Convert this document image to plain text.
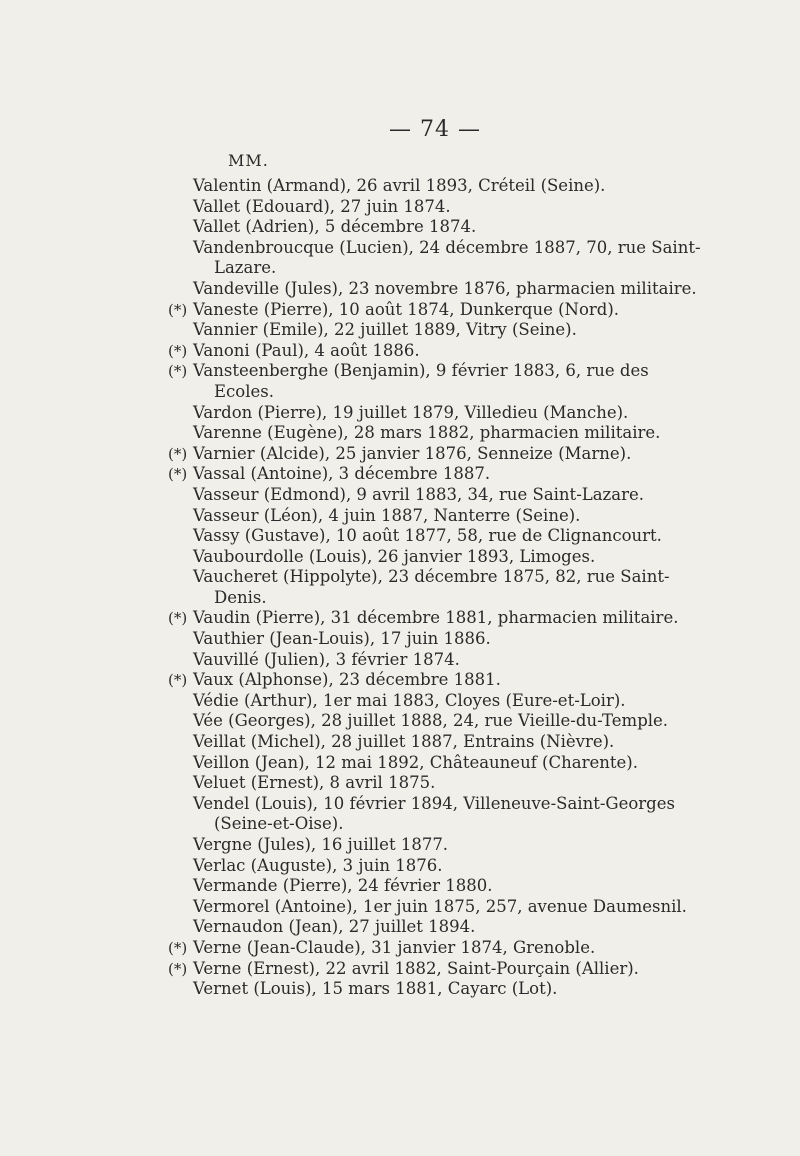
— 74 —
MM.
Valentin (Armand), 26 avril 1893, Créteil (Seine).
Vallet (Edouard), 27 juin 1874.
Vallet (Adrien), 5 décembre 1874.
Vandenbroucque (Lucien), 24 décembre 1887, 70, rue Saint-Lazare.
Vandeville (Jules), 23 novembre 1876, pharmacien militaire.
(*) Vaneste (Pierre), 10 août 1874, Dunkerque (Nord).
Vannier (Emile), 22 juillet 1889, Vitry (Seine).
(*) Vanoni (Paul), 4 août 1886.
(*) Vansteenberghe (Benjamin), 9 février 1883, 6, rue des Ecoles.
Vardon (Pierre), 19 juillet 1879, Villedieu (Manche).
Varenne (Eugène), 28 mars 1882, pharmacien militaire.
(*) Varnier (Alcide), 25 janvier 1876, Senneize (Marne).
(*) Vassal (Antoine), 3 décembre 1887.
Vasseur (Edmond), 9 avril 1883, 34, rue Saint-Lazare.
Vasseur (Léon), 4 juin 1887, Nanterre (Seine).
Vassy (Gustave), 10 août 1877, 58, rue de Clignancourt.
Vaubourdolle (Louis), 26 janvier 1893, Limoges.
Vaucheret (Hippolyte), 23 décembre 1875, 82, rue Saint-Denis.
(*) Vaudin (Pierre), 31 décembre 1881, pharmacien militaire.
Vauthier (Jean-Louis), 17 juin 1886.
Vauvillé (Julien), 3 février 1874.
(*) Vaux (Alphonse), 23 décembre 1881.
Védie (Arthur), 1er mai 1883, Cloyes (Eure-et-Loir).
Vée (Georges), 28 juillet 1888, 24, rue Vieille-du-Temple.
Veillat (Michel), 28 juillet 1887, Entrains (Nièvre).
Veillon (Jean), 12 mai 1892, Châteauneuf (Charente).
Veluet (Ernest), 8 avril 1875.
Vendel (Louis), 10 février 1894, Villeneuve-Saint-Georges (Seine-et-Oise).
Vergne (Jules), 16 juillet 1877.
Verlac (Auguste), 3 juin 1876.
Vermande (Pierre), 24 février 1880.
Vermorel (Antoine), 1er juin 1875, 257, avenue Daumesnil.
Vernaudon (Jean), 27 juillet 1894.
(*) Verne (Jean-Claude), 31 janvier 1874, Grenoble.
(*) Verne (Ernest), 22 avril 1882, Saint-Pourçain (Allier).
Vernet (Louis), 15 mars 1881, Cayarc (Lot).
